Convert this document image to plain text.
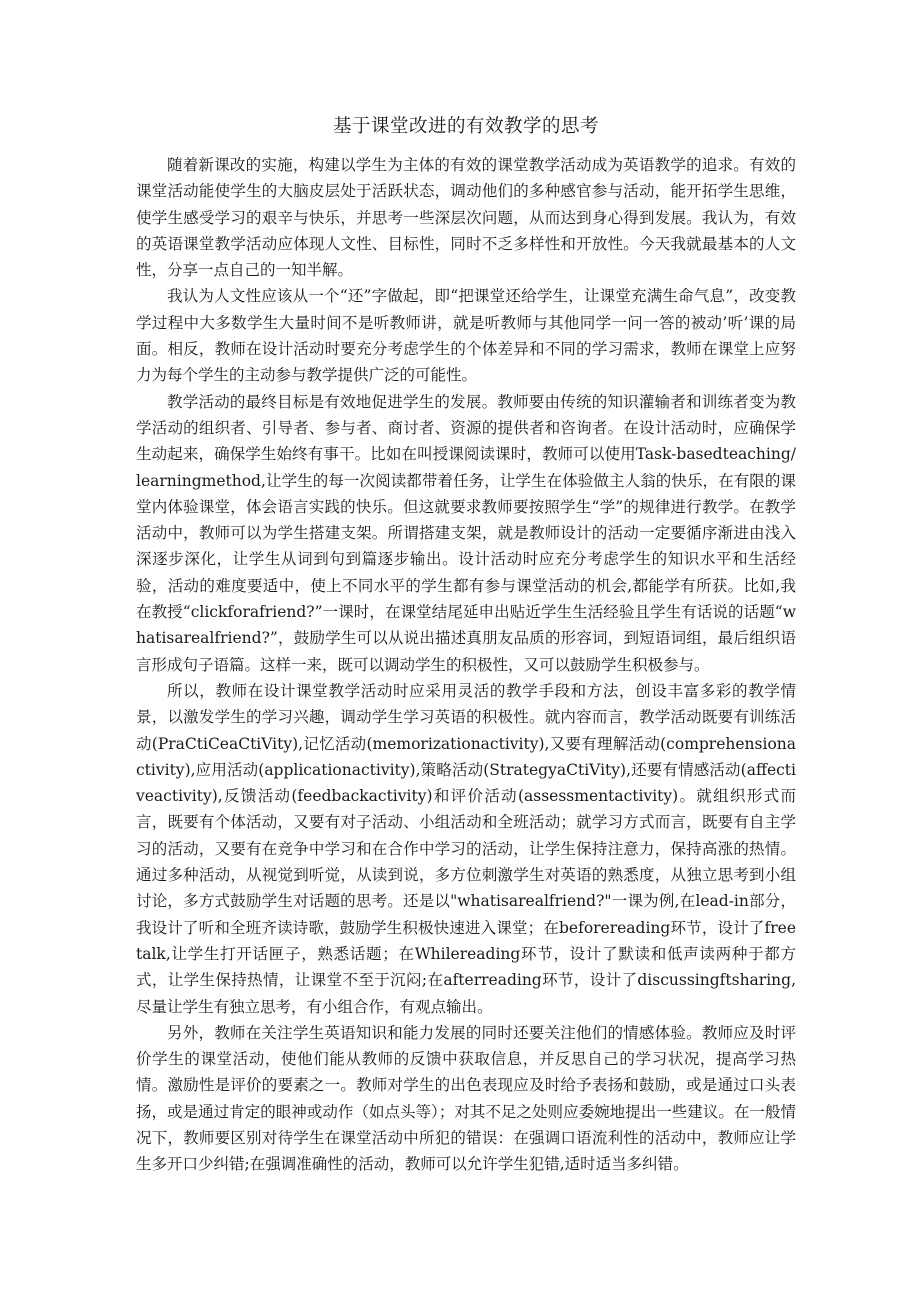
基于课堂改进的有效教学的思考

随着新课改的实施，构建以学生为主体的有效的课堂教学活动成为英语教学的追求。有效的课堂活动能使学生的大脑皮层处于活跃状态，调动他们的多种感官参与活动，能开拓学生思维，使学生感受学习的艰辛与快乐，并思考一些深层次问题，从而达到身心得到发展。我认为，有效的英语课堂教学活动应体现人文性、目标性，同时不乏多样性和开放性。今天我就最基本的人文性，分享一点自己的一知半解。

我认为人文性应该从一个“还”字做起，即“把课堂还给学生，让课堂充满生命气息”，改变教学过程中大多数学生大量时间不是听教师讲，就是听教师与其他同学一问一答的被动’听’课的局面。相反，教师在设计活动时要充分考虑学生的个体差异和不同的学习需求，教师在课堂上应努力为每个学生的主动参与教学提供广泛的可能性。

教学活动的最终目标是有效地促进学生的发展。教师要由传统的知识灌输者和训练者变为教学活动的组织者、引导者、参与者、商讨者、资源的提供者和咨询者。在设计活动时，应确保学生动起来，确保学生始终有事干。比如在叫授课阅读课时，教师可以使用Task-basedteaching/learningmethod,让学生的每一次阅读都带着任务，让学生在体验做主人翁的快乐，在有限的课堂内体验课堂，体会语言实践的快乐。但这就要求教师要按照学生“学”的规律进行教学。在教学活动中，教师可以为学生搭建支架。所谓搭建支架，就是教师设计的活动一定要循序渐进由浅入深逐步深化，让学生从词到句到篇逐步输出。设计活动时应充分考虑学生的知识水平和生活经验，活动的难度要适中，使上不同水平的学生都有参与课堂活动的机会,都能学有所获。比如,我在教授“clickforafriend?”一课时，在课堂结尾延申出贴近学生生活经验且学生有话说的话题“whatisarealfriend?”，鼓励学生可以从说出描述真朋友品质的形容词，到短语词组，最后组织语言形成句子语篇。这样一来，既可以调动学生的积极性，又可以鼓励学生积极参与。

所以，教师在设计课堂教学活动时应采用灵活的教学手段和方法，创设丰富多彩的教学情景，以激发学生的学习兴趣，调动学生学习英语的积极性。就内容而言，教学活动既要有训练活动(PraCtiCeaCtiVity),记忆活动(memorizationactivity),又要有理解活动(comprehensionactivity),应用活动(applicationactivity),策略活动(StrategyaCtiVity),还要有情感活动(affectiveactivity),反馈活动(feedbackactivity)和评价活动(assessmentactivity)。就组织形式而言，既要有个体活动，又要有对子活动、小组活动和全班活动；就学习方式而言，既要有自主学习的活动，又要有在竞争中学习和在合作中学习的活动，让学生保持注意力，保持高涨的热情。通过多种活动，从视觉到听觉，从读到说，多方位刺激学生对英语的熟悉度，从独立思考到小组讨论，多方式鼓励学生对话题的思考。还是以"whatisarealfriend?"一课为例,在lead-in部分，我设计了听和全班齐读诗歌，鼓励学生积极快速进入课堂；在beforereading环节，设计了freetalk,让学生打开话匣子，熟悉话题；在Whilereading环节，设计了默读和低声读两种于都方式，让学生保持热情，让课堂不至于沉闷;在afterreading环节，设计了discussingftsharing,尽量让学生有独立思考，有小组合作，有观点输出。

另外，教师在关注学生英语知识和能力发展的同时还要关注他们的情感体验。教师应及时评价学生的课堂活动，使他们能从教师的反馈中获取信息，并反思自己的学习状况，提高学习热情。激励性是评价的要素之一。教师对学生的出色表现应及时给予表扬和鼓励，或是通过口头表扬，或是通过肯定的眼神或动作（如点头等）；对其不足之处则应委婉地提出一些建议。在一般情况下，教师要区别对待学生在课堂活动中所犯的错误：在强调口语流利性的活动中，教师应让学生多开口少纠错;在强调准确性的活动，教师可以允许学生犯错,适时适当多纠错。
